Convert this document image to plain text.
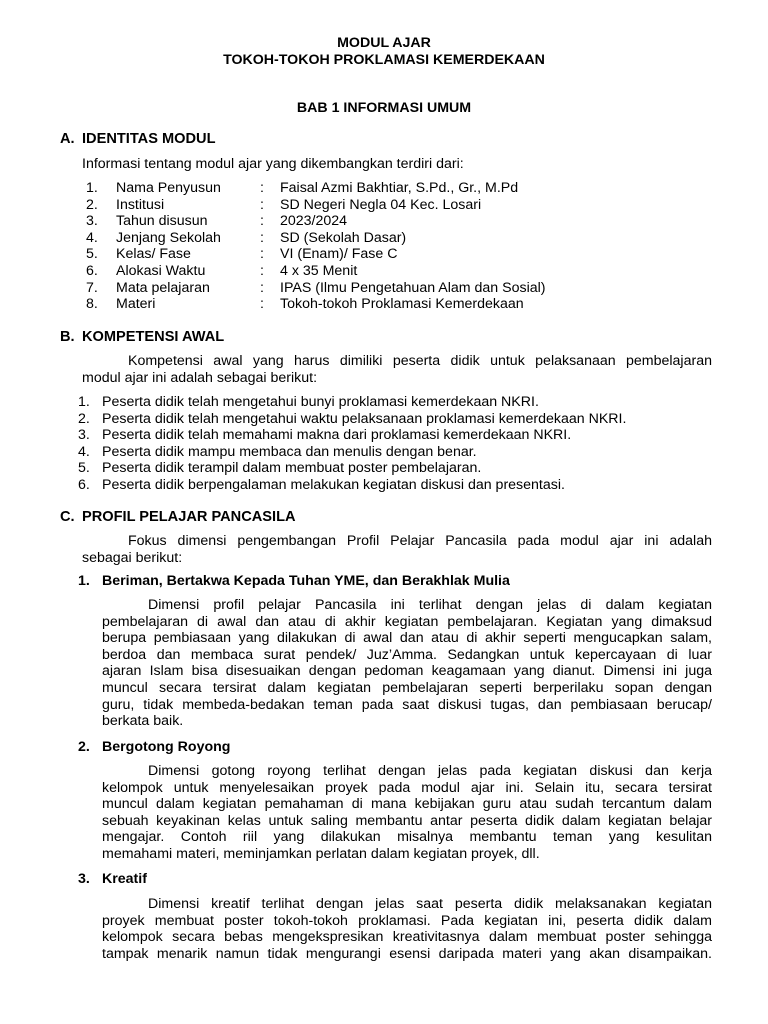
MODUL AJAR
TOKOH-TOKOH PROKLAMASI KEMERDEKAAN
BAB 1 INFORMASI UMUM
A. IDENTITAS MODUL
Informasi tentang modul ajar yang dikembangkan terdiri dari:
1. Nama Penyusun	: Faisal Azmi Bakhtiar, S.Pd., Gr., M.Pd
2. Institusi	: SD Negeri Negla 04 Kec. Losari
3. Tahun disusun	: 2023/2024
4. Jenjang Sekolah	: SD (Sekolah Dasar)
5. Kelas/ Fase	: VI (Enam)/ Fase C
6. Alokasi Waktu	: 4 x 35 Menit
7. Mata pelajaran	: IPAS (Ilmu Pengetahuan Alam dan Sosial)
8. Materi	: Tokoh-tokoh Proklamasi Kemerdekaan
B. KOMPETENSI AWAL
Kompetensi awal yang harus dimiliki peserta didik untuk pelaksanaan pembelajaran
modul ajar ini adalah sebagai berikut:
1. Peserta didik telah mengetahui bunyi proklamasi kemerdekaan NKRI.
2. Peserta didik telah mengetahui waktu pelaksanaan proklamasi kemerdekaan NKRI.
3. Peserta didik telah memahami makna dari proklamasi kemerdekaan NKRI.
4. Peserta didik mampu membaca dan menulis dengan benar.
5. Peserta didik terampil dalam membuat poster pembelajaran.
6. Peserta didik berpengalaman melakukan kegiatan diskusi dan presentasi.
C. PROFIL PELAJAR PANCASILA
Fokus dimensi pengembangan Profil Pelajar Pancasila pada modul ajar ini adalah
sebagai berikut:
1. Beriman, Bertakwa Kepada Tuhan YME, dan Berakhlak Mulia
Dimensi profil pelajar Pancasila ini terlihat dengan jelas di dalam kegiatan
pembelajaran di awal dan atau di akhir kegiatan pembelajaran. Kegiatan yang dimaksud
berupa pembiasaan yang dilakukan di awal dan atau di akhir seperti mengucapkan salam,
berdoa dan membaca surat pendek/ Juz’Amma. Sedangkan untuk kepercayaan di luar
ajaran Islam bisa disesuaikan dengan pedoman keagamaan yang dianut. Dimensi ini juga
muncul secara tersirat dalam kegiatan pembelajaran seperti berperilaku sopan dengan
guru, tidak membeda-bedakan teman pada saat diskusi tugas, dan pembiasaan berucap/
berkata baik.
2. Bergotong Royong
Dimensi gotong royong terlihat dengan jelas pada kegiatan diskusi dan kerja
kelompok untuk menyelesaikan proyek pada modul ajar ini. Selain itu, secara tersirat
muncul dalam kegiatan pemahaman di mana kebijakan guru atau sudah tercantum dalam
sebuah keyakinan kelas untuk saling membantu antar peserta didik dalam kegiatan belajar
mengajar. Contoh riil yang dilakukan misalnya membantu teman yang kesulitan
memahami materi, meminjamkan perlatan dalam kegiatan proyek, dll.
3. Kreatif
Dimensi kreatif terlihat dengan jelas saat peserta didik melaksanakan kegiatan
proyek membuat poster tokoh-tokoh proklamasi. Pada kegiatan ini, peserta didik dalam
kelompok secara bebas mengekspresikan kreativitasnya dalam membuat poster sehingga
tampak menarik namun tidak mengurangi esensi daripada materi yang akan disampaikan.
